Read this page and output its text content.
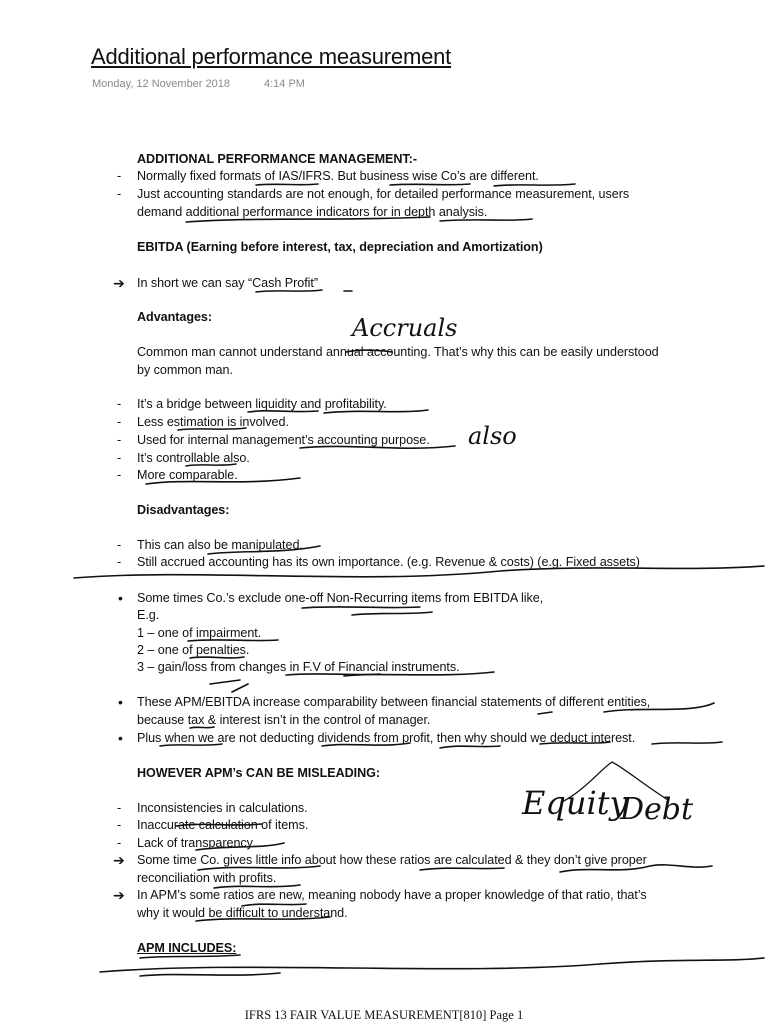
Additional performance measurement
Monday, 12 November 2018	4:14 PM
ADDITIONAL PERFORMANCE MANAGEMENT:-
Normally fixed formats of IAS/IFRS. But business wise Co’s are different.
-
Just accounting standards are not enough, for detailed performance measurement, users
-
demand additional performance indicators for in depth analysis.
EBITDA (Earning before interest, tax, depreciation and Amortization)
In short we can say “Cash Profit”
➔
Advantages:
Common man cannot understand annual accounting. That’s why this can be easily understood
by common man.
It’s a bridge between liquidity and profitability.
-
Less estimation is involved.
-
Used for internal management’s accounting purpose.
-
It’s controllable also.
-
More comparable.
-
Disadvantages:
This can also be manipulated.
-
Still accrued accounting has its own importance. (e.g. Revenue & costs) (e.g. Fixed assets)
-
Some times Co.’s exclude one-off Non-Recurring items from EBITDA like,
•
E.g.
1 – one of impairment.
2 – one of penalties.
3 – gain/loss from changes in F.V of Financial instruments.
These APM/EBITDA increase comparability between financial statements of different entities,
•
because tax & interest isn’t in the control of manager.
Plus when we are not deducting dividends from profit, then why should we deduct interest.
•
HOWEVER APM’s CAN BE MISLEADING:
Inconsistencies in calculations.
-
Inaccurate calculation of items.
-
Lack of transparency.
-
Some time Co. gives little info about how these ratios are calculated & they don’t give proper
➔
reconciliation with profits.
In APM’s some ratios are new, meaning nobody have a proper knowledge of that ratio, that’s
➔
why it would be difficult to understand.
APM INCLUDES:
Accruals
also
Equity
Debt
IFRS 13 FAIR VALUE MEASUREMENT[810] Page 1
